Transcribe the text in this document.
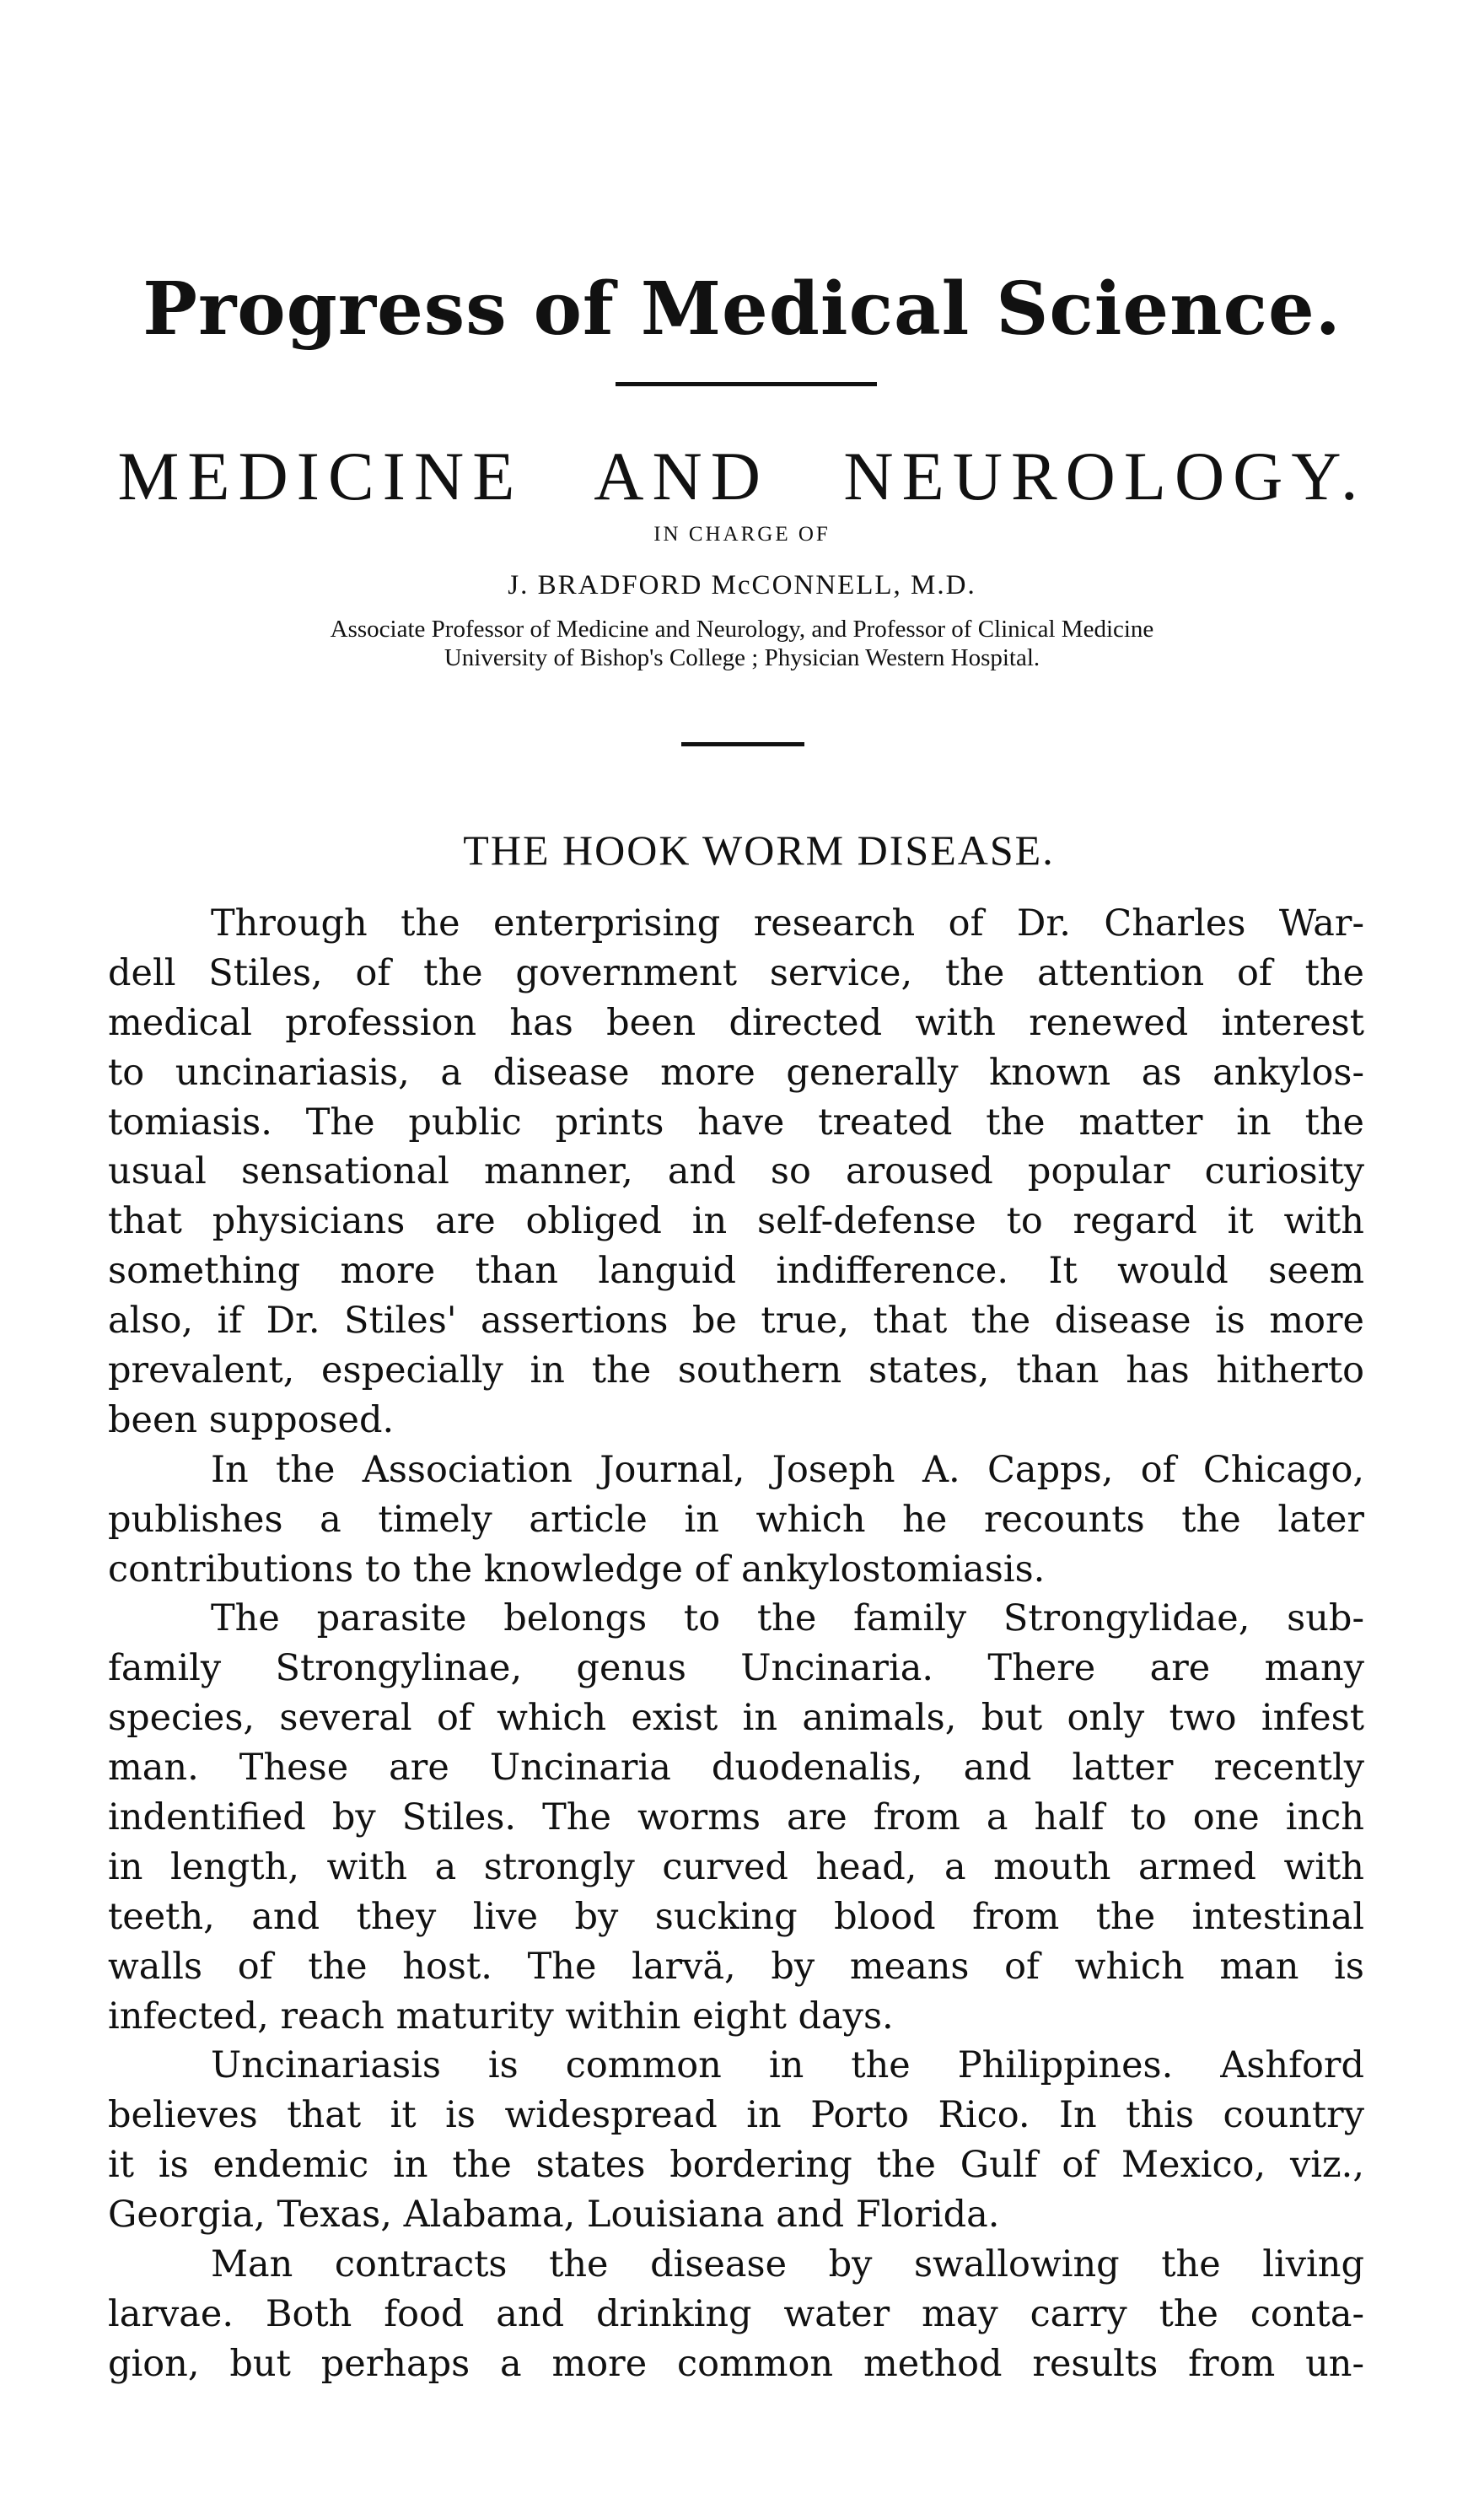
Progress of Medical Science.
MEDICINE AND NEUROLOGY.
IN CHARGE OF
J. BRADFORD McCONNELL, M.D.
Associate Professor of Medicine and Neurology, and Professor of Clinical Medicine
University of Bishop's College ; Physician Western Hospital.
THE HOOK WORM DISEASE.
Through the enterprising research of Dr. Charles War-
dell Stiles, of the government service, the attention of the
medical profession has been directed with renewed interest
to uncinariasis, a disease more generally known as ankylos-
tomiasis. The public prints have treated the matter in the
usual sensational manner, and so aroused popular curiosity
that physicians are obliged in self-defense to regard it with
something more than languid indifference. It would seem
also, if Dr. Stiles' assertions be true, that the disease is more
prevalent, especially in the southern states, than has hitherto
been supposed.
In the Association Journal, Joseph A. Capps, of Chicago,
publishes a timely article in which he recounts the later
contributions to the knowledge of ankylostomiasis.
The parasite belongs to the family Strongylidae, sub-
family Strongylinae, genus Uncinaria. There are many
species, several of which exist in animals, but only two infest
man. These are Uncinaria duodenalis, and latter recently
indentified by Stiles. The worms are from a half to one inch
in length, with a strongly curved head, a mouth armed with
teeth, and they live by sucking blood from the intestinal
walls of the host. The larvä, by means of which man is
infected, reach maturity within eight days.
Uncinariasis is common in the Philippines. Ashford
believes that it is widespread in Porto Rico. In this country
it is endemic in the states bordering the Gulf of Mexico, viz.,
Georgia, Texas, Alabama, Louisiana and Florida.
Man contracts the disease by swallowing the living
larvae. Both food and drinking water may carry the conta-
gion, but perhaps a more common method results from un-
